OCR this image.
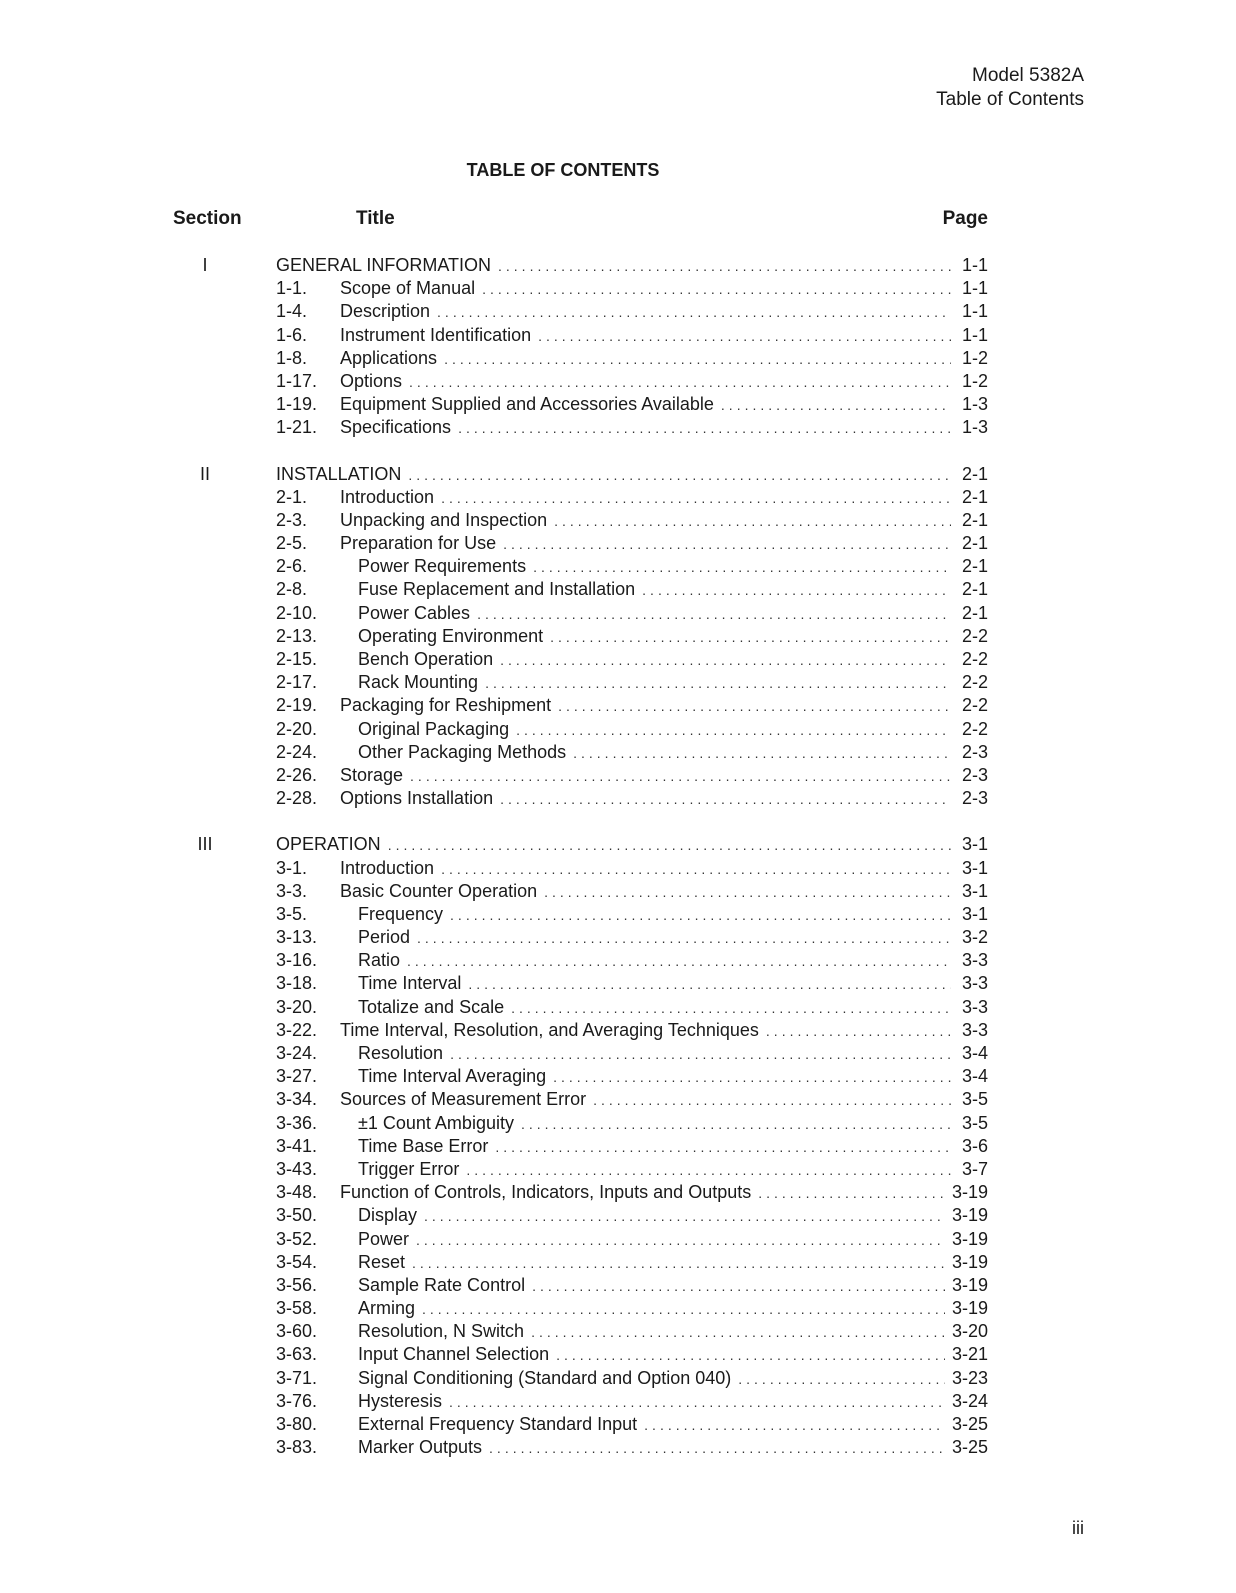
Model 5382A
Table of Contents
TABLE OF CONTENTS
Section	Title	Page
I	GENERAL INFORMATION .....	1-1
1-1.	Scope of Manual .....	1-1
1-4.	Description .....	1-1
1-6.	Instrument Identification .....	1-1
1-8.	Applications .....	1-2
1-17.	Options .....	1-2
1-19.	Equipment Supplied and Accessories Available .....	1-3
1-21.	Specifications .....	1-3
II	INSTALLATION .....	2-1
2-1.	Introduction .....	2-1
2-3.	Unpacking and Inspection .....	2-1
2-5.	Preparation for Use .....	2-1
2-6.	Power Requirements .....	2-1
2-8.	Fuse Replacement and Installation .....	2-1
2-10.	Power Cables .....	2-1
2-13.	Operating Environment .....	2-2
2-15.	Bench Operation .....	2-2
2-17.	Rack Mounting .....	2-2
2-19.	Packaging for Reshipment .....	2-2
2-20.	Original Packaging .....	2-2
2-24.	Other Packaging Methods .....	2-3
2-26.	Storage .....	2-3
2-28.	Options Installation .....	2-3
III	OPERATION .....	3-1
3-1.	Introduction .....	3-1
3-3.	Basic Counter Operation .....	3-1
3-5.	Frequency .....	3-1
3-13.	Period .....	3-2
3-16.	Ratio .....	3-3
3-18.	Time Interval .....	3-3
3-20.	Totalize and Scale .....	3-3
3-22.	Time Interval, Resolution, and Averaging Techniques .....	3-3
3-24.	Resolution .....	3-4
3-27.	Time Interval Averaging .....	3-4
3-34.	Sources of Measurement Error .....	3-5
3-36.	±1 Count Ambiguity .....	3-5
3-41.	Time Base Error .....	3-6
3-43.	Trigger Error .....	3-7
3-48.	Function of Controls, Indicators, Inputs and Outputs .....	3-19
3-50.	Display .....	3-19
3-52.	Power .....	3-19
3-54.	Reset .....	3-19
3-56.	Sample Rate Control .....	3-19
3-58.	Arming .....	3-19
3-60.	Resolution, N Switch .....	3-20
3-63.	Input Channel Selection .....	3-21
3-71.	Signal Conditioning (Standard and Option 040) .....	3-23
3-76.	Hysteresis .....	3-24
3-80.	External Frequency Standard Input .....	3-25
3-83.	Marker Outputs .....	3-25
iii
